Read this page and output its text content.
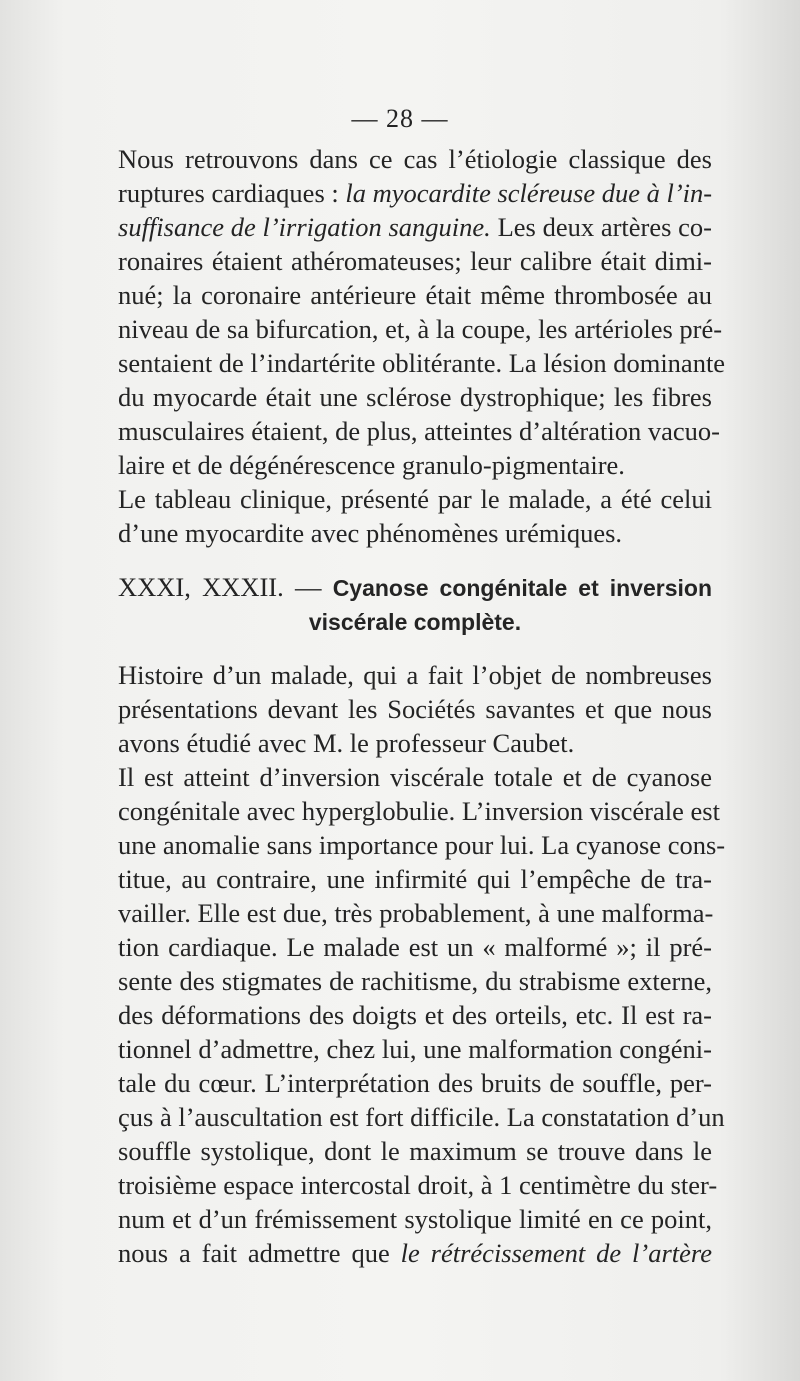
— 28 —

Nous retrouvons dans ce cas l’étiologie classique des
ruptures cardiaques : la myocardite scléreuse due à l’in-
suffisance de l’irrigation sanguine. Les deux artères co-
ronaires étaient athéromateuses; leur calibre était dimi-
nué; la coronaire antérieure était même thrombosée au
niveau de sa bifurcation, et, à la coupe, les artérioles pré-
sentaient de l’indartérite oblitérante. La lésion dominante
du myocarde était une sclérose dystrophique; les fibres
musculaires étaient, de plus, atteintes d’altération vacuo-
laire et de dégénérescence granulo-pigmentaire.

Le tableau clinique, présenté par le malade, a été celui
d’une myocardite avec phénomènes urémiques.

XXXI, XXXII. — Cyanose congénitale et inversion
viscérale complète.

Histoire d’un malade, qui a fait l’objet de nombreuses
présentations devant les Sociétés savantes et que nous
avons étudié avec M. le professeur Caubet.

Il est atteint d’inversion viscérale totale et de cyanose
congénitale avec hyperglobulie. L’inversion viscérale est
une anomalie sans importance pour lui. La cyanose cons-
titue, au contraire, une infirmité qui l’empêche de tra-
vailler. Elle est due, très probablement, à une malforma-
tion cardiaque. Le malade est un « malformé »; il pré-
sente des stigmates de rachitisme, du strabisme externe,
des déformations des doigts et des orteils, etc. Il est ra-
tionnel d’admettre, chez lui, une malformation congéni-
tale du cœur. L’interprétation des bruits de souffle, per-
çus à l’auscultation est fort difficile. La constatation d’un
souffle systolique, dont le maximum se trouve dans le
troisième espace intercostal droit, à 1 centimètre du ster-
num et d’un frémissement systolique limité en ce point,
nous a fait admettre que le rétrécissement de l’artère
